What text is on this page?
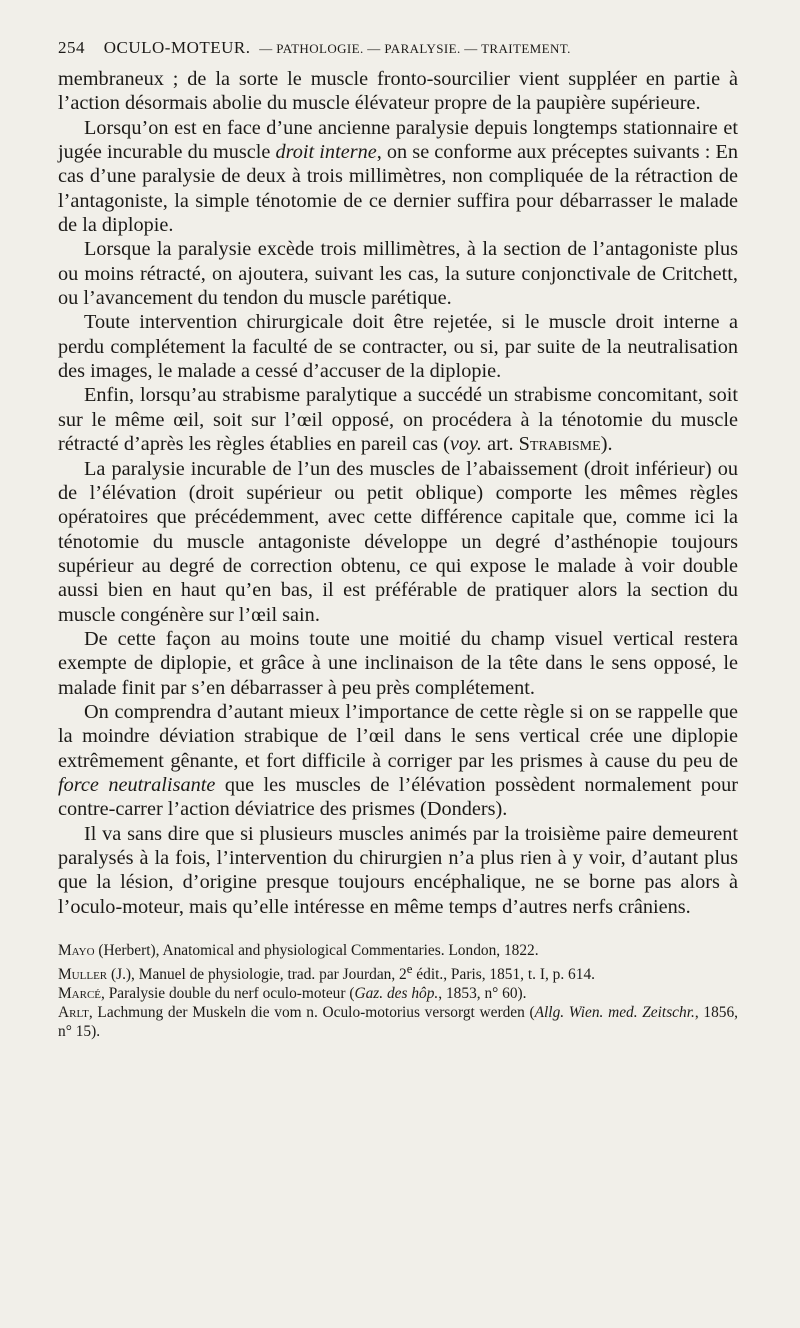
254 OCULO-MOTEUR. — PATHOLOGIE. — PARALYSIE. — TRAITEMENT.

membraneux ; de la sorte le muscle fronto-sourcilier vient suppléer en partie à l’action désormais abolie du muscle élévateur propre de la paupière supérieure.

Lorsqu’on est en face d’une ancienne paralysie depuis longtemps stationnaire et jugée incurable du muscle droit interne, on se conforme aux préceptes suivants : En cas d’une paralysie de deux à trois millimètres, non compliquée de la rétraction de l’antagoniste, la simple ténotomie de ce dernier suffira pour débarrasser le malade de la diplopie.

Lorsque la paralysie excède trois millimètres, à la section de l’antagoniste plus ou moins rétracté, on ajoutera, suivant les cas, la suture conjonctivale de Critchett, ou l’avancement du tendon du muscle parétique.

Toute intervention chirurgicale doit être rejetée, si le muscle droit interne a perdu complétement la faculté de se contracter, ou si, par suite de la neutralisation des images, le malade a cessé d’accuser de la diplopie.

Enfin, lorsqu’au strabisme paralytique a succédé un strabisme concomitant, soit sur le même œil, soit sur l’œil opposé, on procédera à la ténotomie du muscle rétracté d’après les règles établies en pareil cas (voy. art. Strabisme).

La paralysie incurable de l’un des muscles de l’abaissement (droit inférieur) ou de l’élévation (droit supérieur ou petit oblique) comporte les mêmes règles opératoires que précédemment, avec cette différence capitale que, comme ici la ténotomie du muscle antagoniste développe un degré d’asthénopie toujours supérieur au degré de correction obtenu, ce qui expose le malade à voir double aussi bien en haut qu’en bas, il est préférable de pratiquer alors la section du muscle congénère sur l’œil sain.

De cette façon au moins toute une moitié du champ visuel vertical restera exempte de diplopie, et grâce à une inclinaison de la tête dans le sens opposé, le malade finit par s’en débarrasser à peu près complétement.

On comprendra d’autant mieux l’importance de cette règle si on se rappelle que la moindre déviation strabique de l’œil dans le sens vertical crée une diplopie extrêmement gênante, et fort difficile à corriger par les prismes à cause du peu de force neutralisante que les muscles de l’élévation possèdent normalement pour contre-carrer l’action déviatrice des prismes (Donders).

Il va sans dire que si plusieurs muscles animés par la troisième paire demeurent paralysés à la fois, l’intervention du chirurgien n’a plus rien à y voir, d’autant plus que la lésion, d’origine presque toujours encéphalique, ne se borne pas alors à l’oculo-moteur, mais qu’elle intéresse en même temps d’autres nerfs crâniens.

Mayo (Herbert), Anatomical and physiological Commentaries. London, 1822.

Muller (J.), Manuel de physiologie, trad. par Jourdan, 2e édit., Paris, 1851, t. I, p. 614.

Marcé, Paralysie double du nerf oculo-moteur (Gaz. des hôp., 1853, n° 60).

Arlt, Lachmung der Muskeln die vom n. Oculo-motorius versorgt werden (Allg. Wien. med. Zeitschr., 1856, n° 15).
